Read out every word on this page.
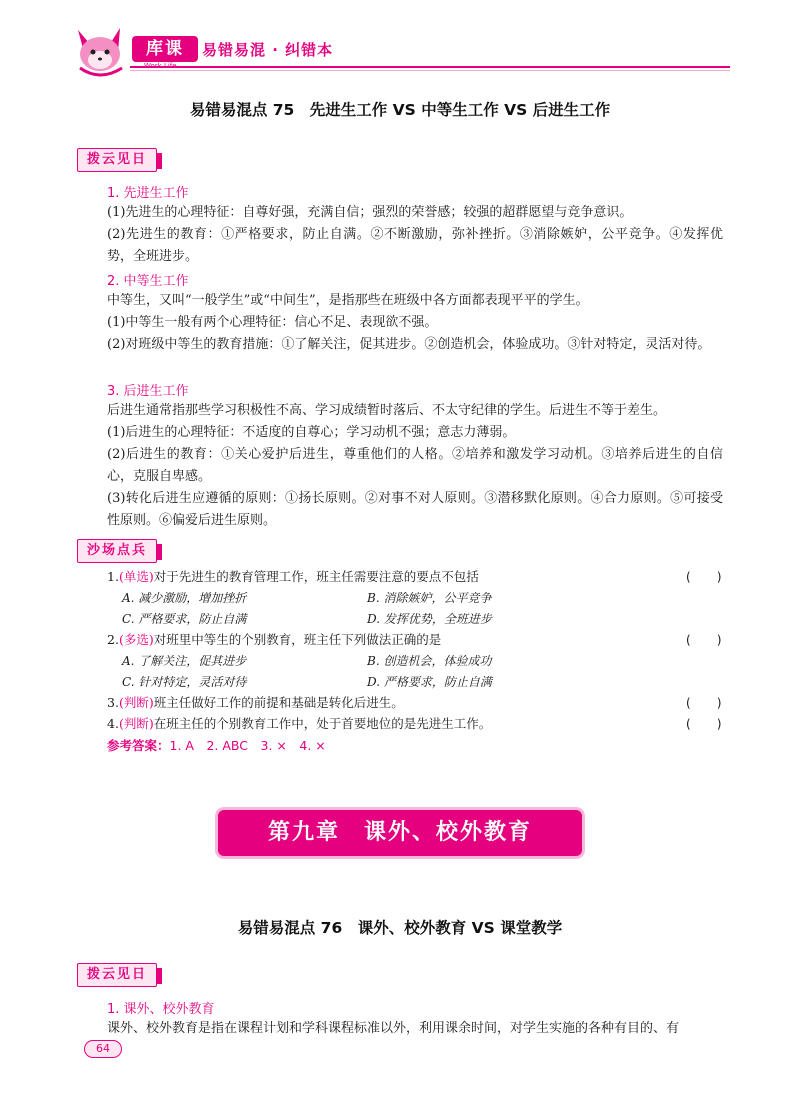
库课	易错易混 · 纠错本
易错易混点 75　先进生工作 VS 中等生工作 VS 后进生工作
拨云见日
1. 先进生工作
(1)先进生的心理特征：自尊好强，充满自信；强烈的荣誉感；较强的超群愿望与竞争意识。
(2)先进生的教育：①严格要求，防止自满。②不断激励，弥补挫折。③消除嫉妒，公平竞争。④发挥优势，全班进步。
2. 中等生工作
中等生，又叫“一般学生”或“中间生”，是指那些在班级中各方面都表现平平的学生。
(1)中等生一般有两个心理特征：信心不足、表现欲不强。
(2)对班级中等生的教育措施：①了解关注，促其进步。②创造机会，体验成功。③针对特定，灵活对待。
3. 后进生工作
后进生通常指那些学习积极性不高、学习成绩暂时落后、不太守纪律的学生。后进生不等于差生。
(1)后进生的心理特征：不适度的自尊心；学习动机不强；意志力薄弱。
(2)后进生的教育：①关心爱护后进生，尊重他们的人格。②培养和激发学习动机。③培养后进生的自信心，克服自卑感。
(3)转化后进生应遵循的原则：①扬长原则。②对事不对人原则。③潜移默化原则。④合力原则。⑤可接受性原则。⑥偏爱后进生原则。
沙场点兵
1.(单选)对于先进生的教育管理工作，班主任需要注意的要点不包括	(　　)
A. 减少激励，增加挫折	B. 消除嫉妒，公平竞争
C. 严格要求，防止自满	D. 发挥优势，全班进步
2.(多选)对班里中等生的个别教育，班主任下列做法正确的是	(　　)
A. 了解关注，促其进步	B. 创造机会，体验成功
C. 针对特定，灵活对待	D. 严格要求，防止自满
3.(判断)班主任做好工作的前提和基础是转化后进生。	(　　)
4.(判断)在班主任的个别教育工作中，处于首要地位的是先进生工作。	(　　)
参考答案：1. A　2. ABC　3. ×　4. ×
第九章　课外、校外教育
易错易混点 76　课外、校外教育 VS 课堂教学
拨云见日
1. 课外、校外教育
课外、校外教育是指在课程计划和学科课程标准以外，利用课余时间，对学生实施的各种有目的、有
64
